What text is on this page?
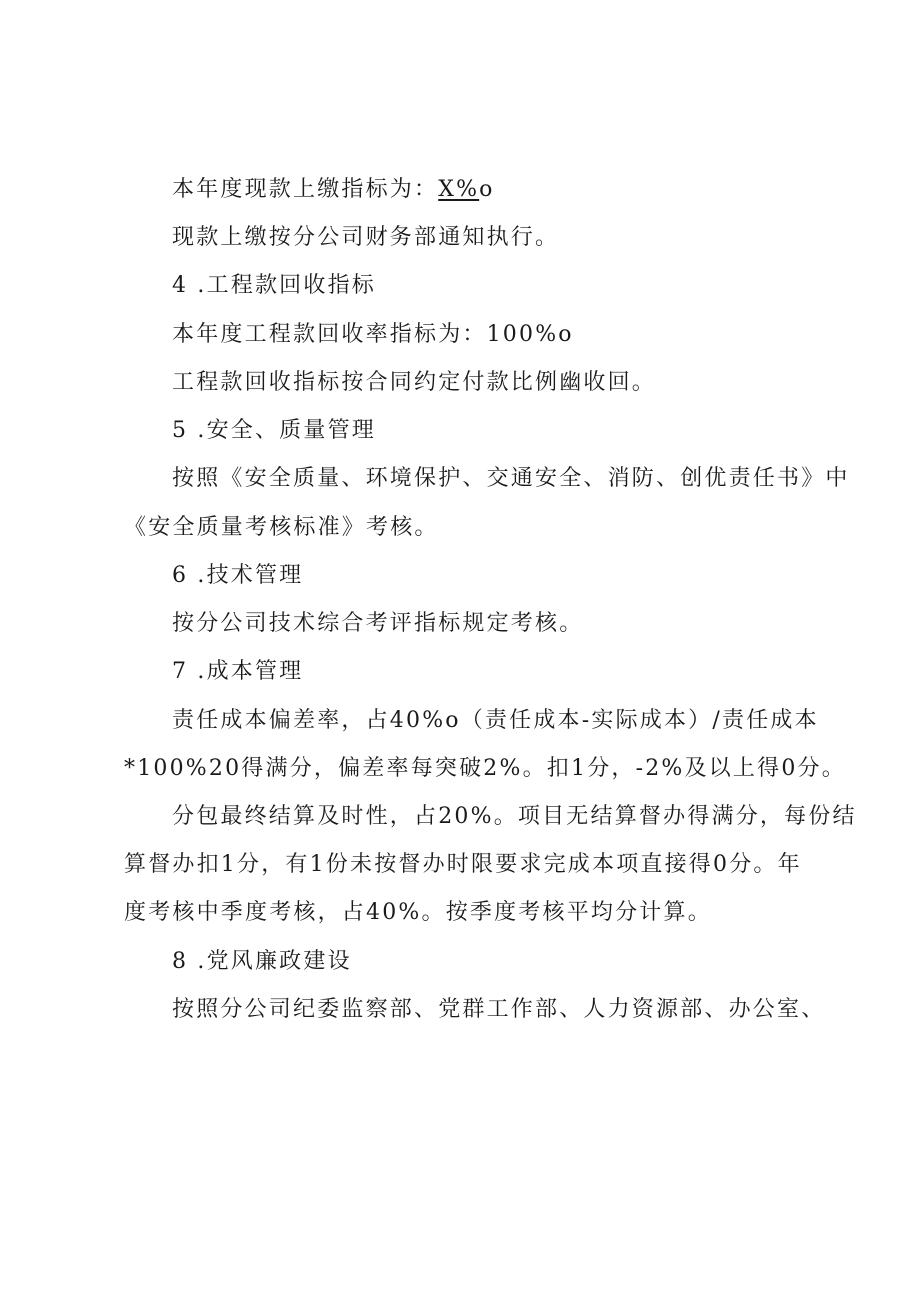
本年度现款上缴指标为：X%o
现款上缴按分公司财务部通知执行。
4 .工程款回收指标
本年度工程款回收率指标为：100%o
工程款回收指标按合同约定付款比例幽收回。
5 .安全、质量管理
按照《安全质量、环境保护、交通安全、消防、创优责任书》中
《安全质量考核标准》考核。
6 .技术管理
按分公司技术综合考评指标规定考核。
7 .成本管理
责任成本偏差率，占40%o（责任成本-实际成本）/责任成本
*100%20得满分，偏差率每突破2%。扣1分，-2%及以上得0分。
分包最终结算及时性，占20%。项目无结算督办得满分，每份结
算督办扣1分，有1份未按督办时限要求完成本项直接得0分。年
度考核中季度考核，占40%。按季度考核平均分计算。
8 .党风廉政建设
按照分公司纪委监察部、党群工作部、人力资源部、办公室、
